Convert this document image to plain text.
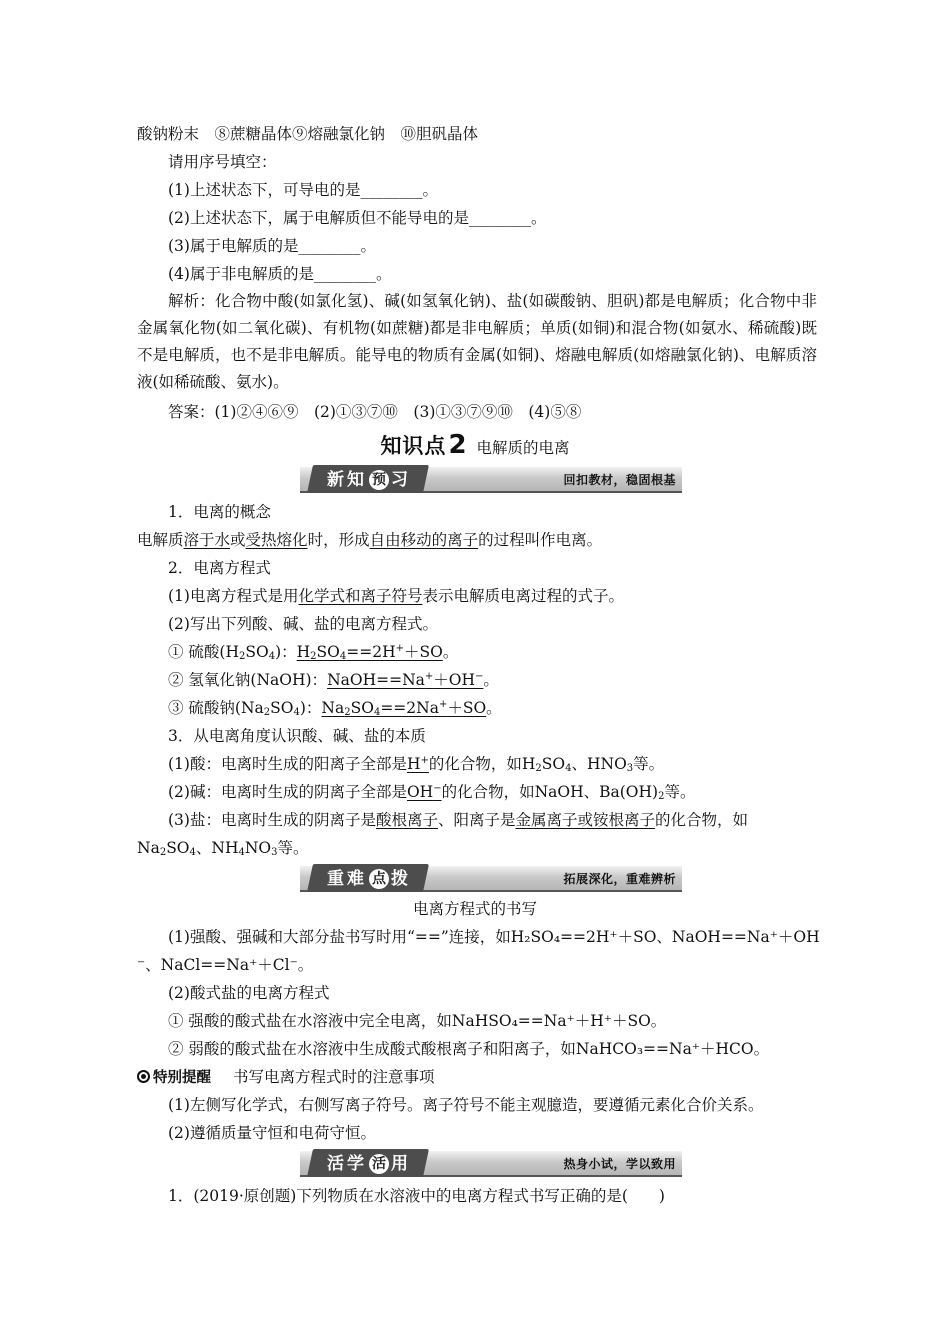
酸钠粉末　⑧蔗糖晶体⑨熔融氯化钠　⑩胆矾晶体
请用序号填空：
(1)上述状态下，可导电的是________。
(2)上述状态下，属于电解质但不能导电的是________。
(3)属于电解质的是________。
(4)属于非电解质的是________。
解析：化合物中酸(如氯化氢)、碱(如氢氧化钠)、盐(如碳酸钠、胆矾)都是电解质；化合物中非金属氧化物(如二氧化碳)、有机物(如蔗糖)都是非电解质；单质(如铜)和混合物(如氨水、稀硫酸)既不是电解质，也不是非电解质。能导电的物质有金属(如铜)、熔融电解质(如熔融氯化钠)、电解质溶液(如稀硫酸、氨水)。
答案：(1)②④⑥⑨　(2)①③⑦⑩　(3)①③⑦⑨⑩　(4)⑤⑧
知识点2 电解质的电离
新知 预 习	回扣教材，稳固根基
1．电离的概念
电解质溶于水或受热熔化时，形成自由移动的离子的过程叫作电离。
2．电离方程式
(1)电离方程式是用化学式和离子符号表示电解质电离过程的式子。
(2)写出下列酸、碱、盐的电离方程式。
① 硫酸$(H_2SO_4)$：$H_2SO_4==2H^++SO$。
② 氢氧化钠(NaOH)：NaOH==Na+＋OH−。
③ 硫酸钠$(Na_2SO_4)$：$Na_2SO_4==2Na^++SO$。
3．从电离角度认识酸、碱、盐的本质
(1)酸：电离时生成的阳离子全部是H+的化合物，如$H_2SO_4$、$HNO_3$等。
(2)碱：电离时生成的阴离子全部是OH−的化合物，如NaOH、$Ba(OH)_2$等。
(3)盐：电离时生成的阴离子是酸根离子、阳离子是金属离子或铵根离子的化合物，如
$Na_2SO_4$、$NH_4NO_3$等。
重难 点 拨	拓展深化，重难辨析
电离方程式的书写
(1)强酸、强碱和大部分盐书写时用“==”连接，如H₂SO₄==2H⁺＋SO、NaOH==Na⁺＋OH
⁻、NaCl==Na⁺＋Cl⁻。
(2)酸式盐的电离方程式
① 强酸的酸式盐在水溶液中完全电离，如NaHSO₄==Na⁺＋H⁺＋SO。
② 弱酸的酸式盐在水溶液中生成酸式酸根离子和阳离子，如NaHCO₃==Na⁺＋HCO。
特别提醒 书写电离方程式时的注意事项
(1)左侧写化学式，右侧写离子符号。离子符号不能主观臆造，要遵循元素化合价关系。
(2)遵循质量守恒和电荷守恒。
活学 活 用	热身小试，学以致用
1．(2019·原创题)下列物质在水溶液中的电离方程式书写正确的是(　　)
